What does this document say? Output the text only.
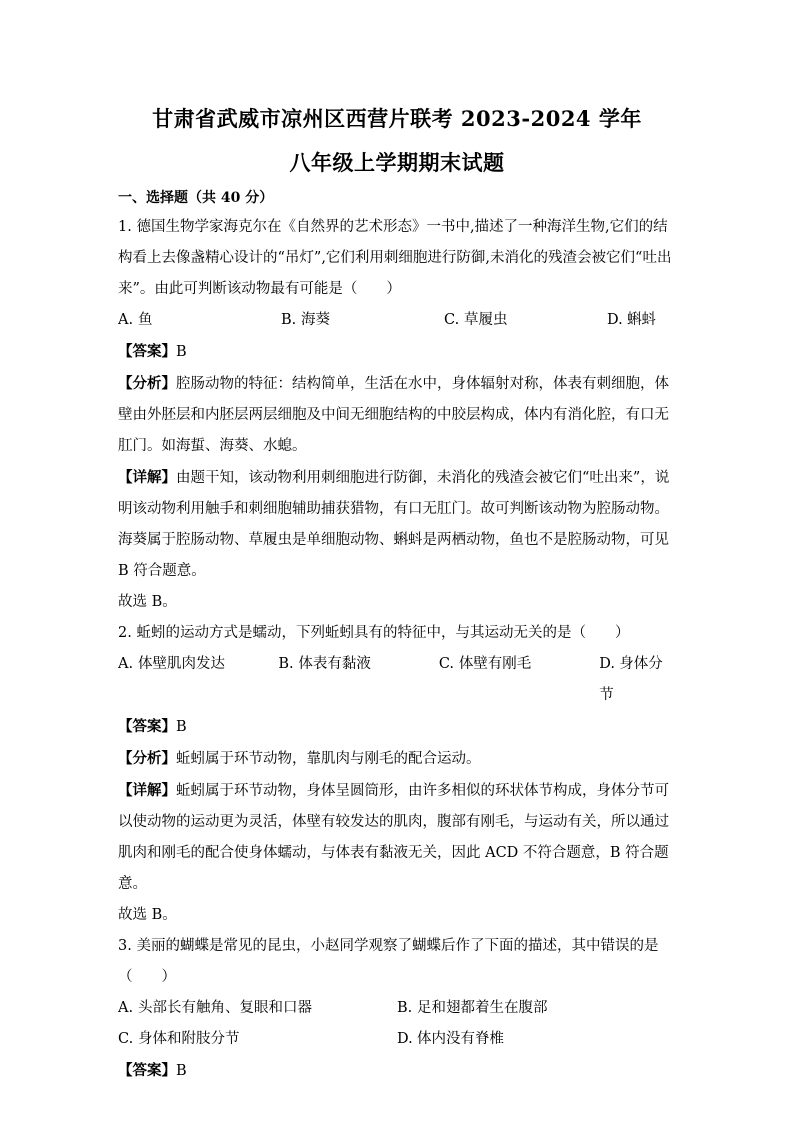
甘肃省武威市凉州区西营片联考 2023-2024 学年
八年级上学期期末试题

一、选择题（共 40 分）

1. 德国生物学家海克尔在《自然界的艺术形态》一书中,描述了一种海洋生物,它们的结构看上去像盏精心设计的“吊灯”,它们利用刺细胞进行防御,未消化的残渣会被它们“吐出来”。由此可判断该动物最有可能是（　　）

A. 鱼	B. 海葵	C. 草履虫	D. 蝌蚪

【答案】B

【分析】腔肠动物的特征：结构简单，生活在水中，身体辐射对称，体表有刺细胞，体壁由外胚层和内胚层两层细胞及中间无细胞结构的中胶层构成，体内有消化腔，有口无肛门。如海蜇、海葵、水螅。

【详解】由题干知，该动物利用刺细胞进行防御，未消化的残渣会被它们“吐出来”，说明该动物利用触手和刺细胞辅助捕获猎物，有口无肛门。故可判断该动物为腔肠动物。海葵属于腔肠动物、草履虫是单细胞动物、蝌蚪是两栖动物，鱼也不是腔肠动物，可见 B 符合题意。

故选 B。

2. 蚯蚓的运动方式是蠕动，下列蚯蚓具有的特征中，与其运动无关的是（　　）

A. 体壁肌肉发达	B. 体表有黏液	C. 体壁有刚毛	D. 身体分节

【答案】B

【分析】蚯蚓属于环节动物，靠肌肉与刚毛的配合运动。

【详解】蚯蚓属于环节动物，身体呈圆筒形，由许多相似的环状体节构成，身体分节可以使动物的运动更为灵活，体壁有较发达的肌肉，腹部有刚毛，与运动有关，所以通过肌肉和刚毛的配合使身体蠕动，与体表有黏液无关，因此 ACD 不符合题意，B 符合题意。

故选 B。

3. 美丽的蝴蝶是常见的昆虫，小赵同学观察了蝴蝶后作了下面的描述，其中错误的是

（　　）

A. 头部长有触角、复眼和口器	B. 足和翅都着生在腹部
C. 身体和附肢分节	D. 体内没有脊椎

【答案】B
